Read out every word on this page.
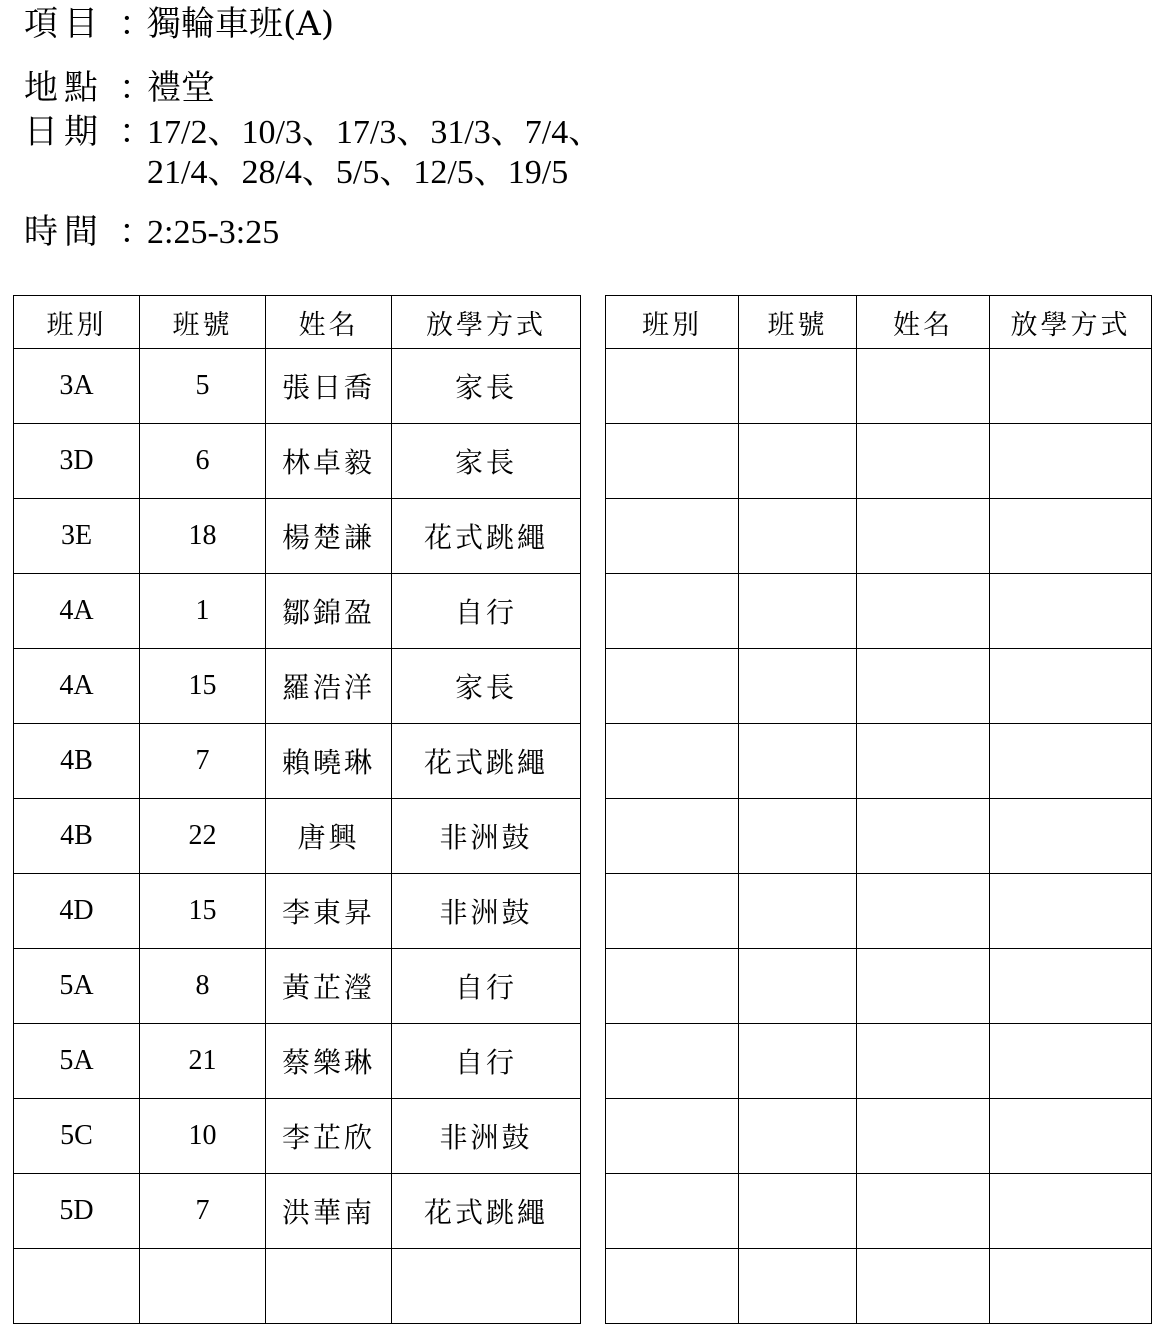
項目 ：獨輪車班(A)
地點 ：禮堂
日期 ：17/2、10/3、17/3、31/3、7/4、
21/4、28/4、5/5、12/5、19/5
時間 ：2:25-3:25
班別	班號	姓名	放學方式
3A	5	張日喬	家長
3D	6	林卓毅	家長
3E	18	楊楚謙	花式跳繩
4A	1	鄒錦盈	自行
4A	15	羅浩洋	家長
4B	7	賴曉琳	花式跳繩
4B	22	唐興	非洲鼓
4D	15	李東昇	非洲鼓
5A	8	黃芷瀅	自行
5A	21	蔡樂琳	自行
5C	10	李芷欣	非洲鼓
5D	7	洪華南	花式跳繩

班別	班號	姓名	放學方式
